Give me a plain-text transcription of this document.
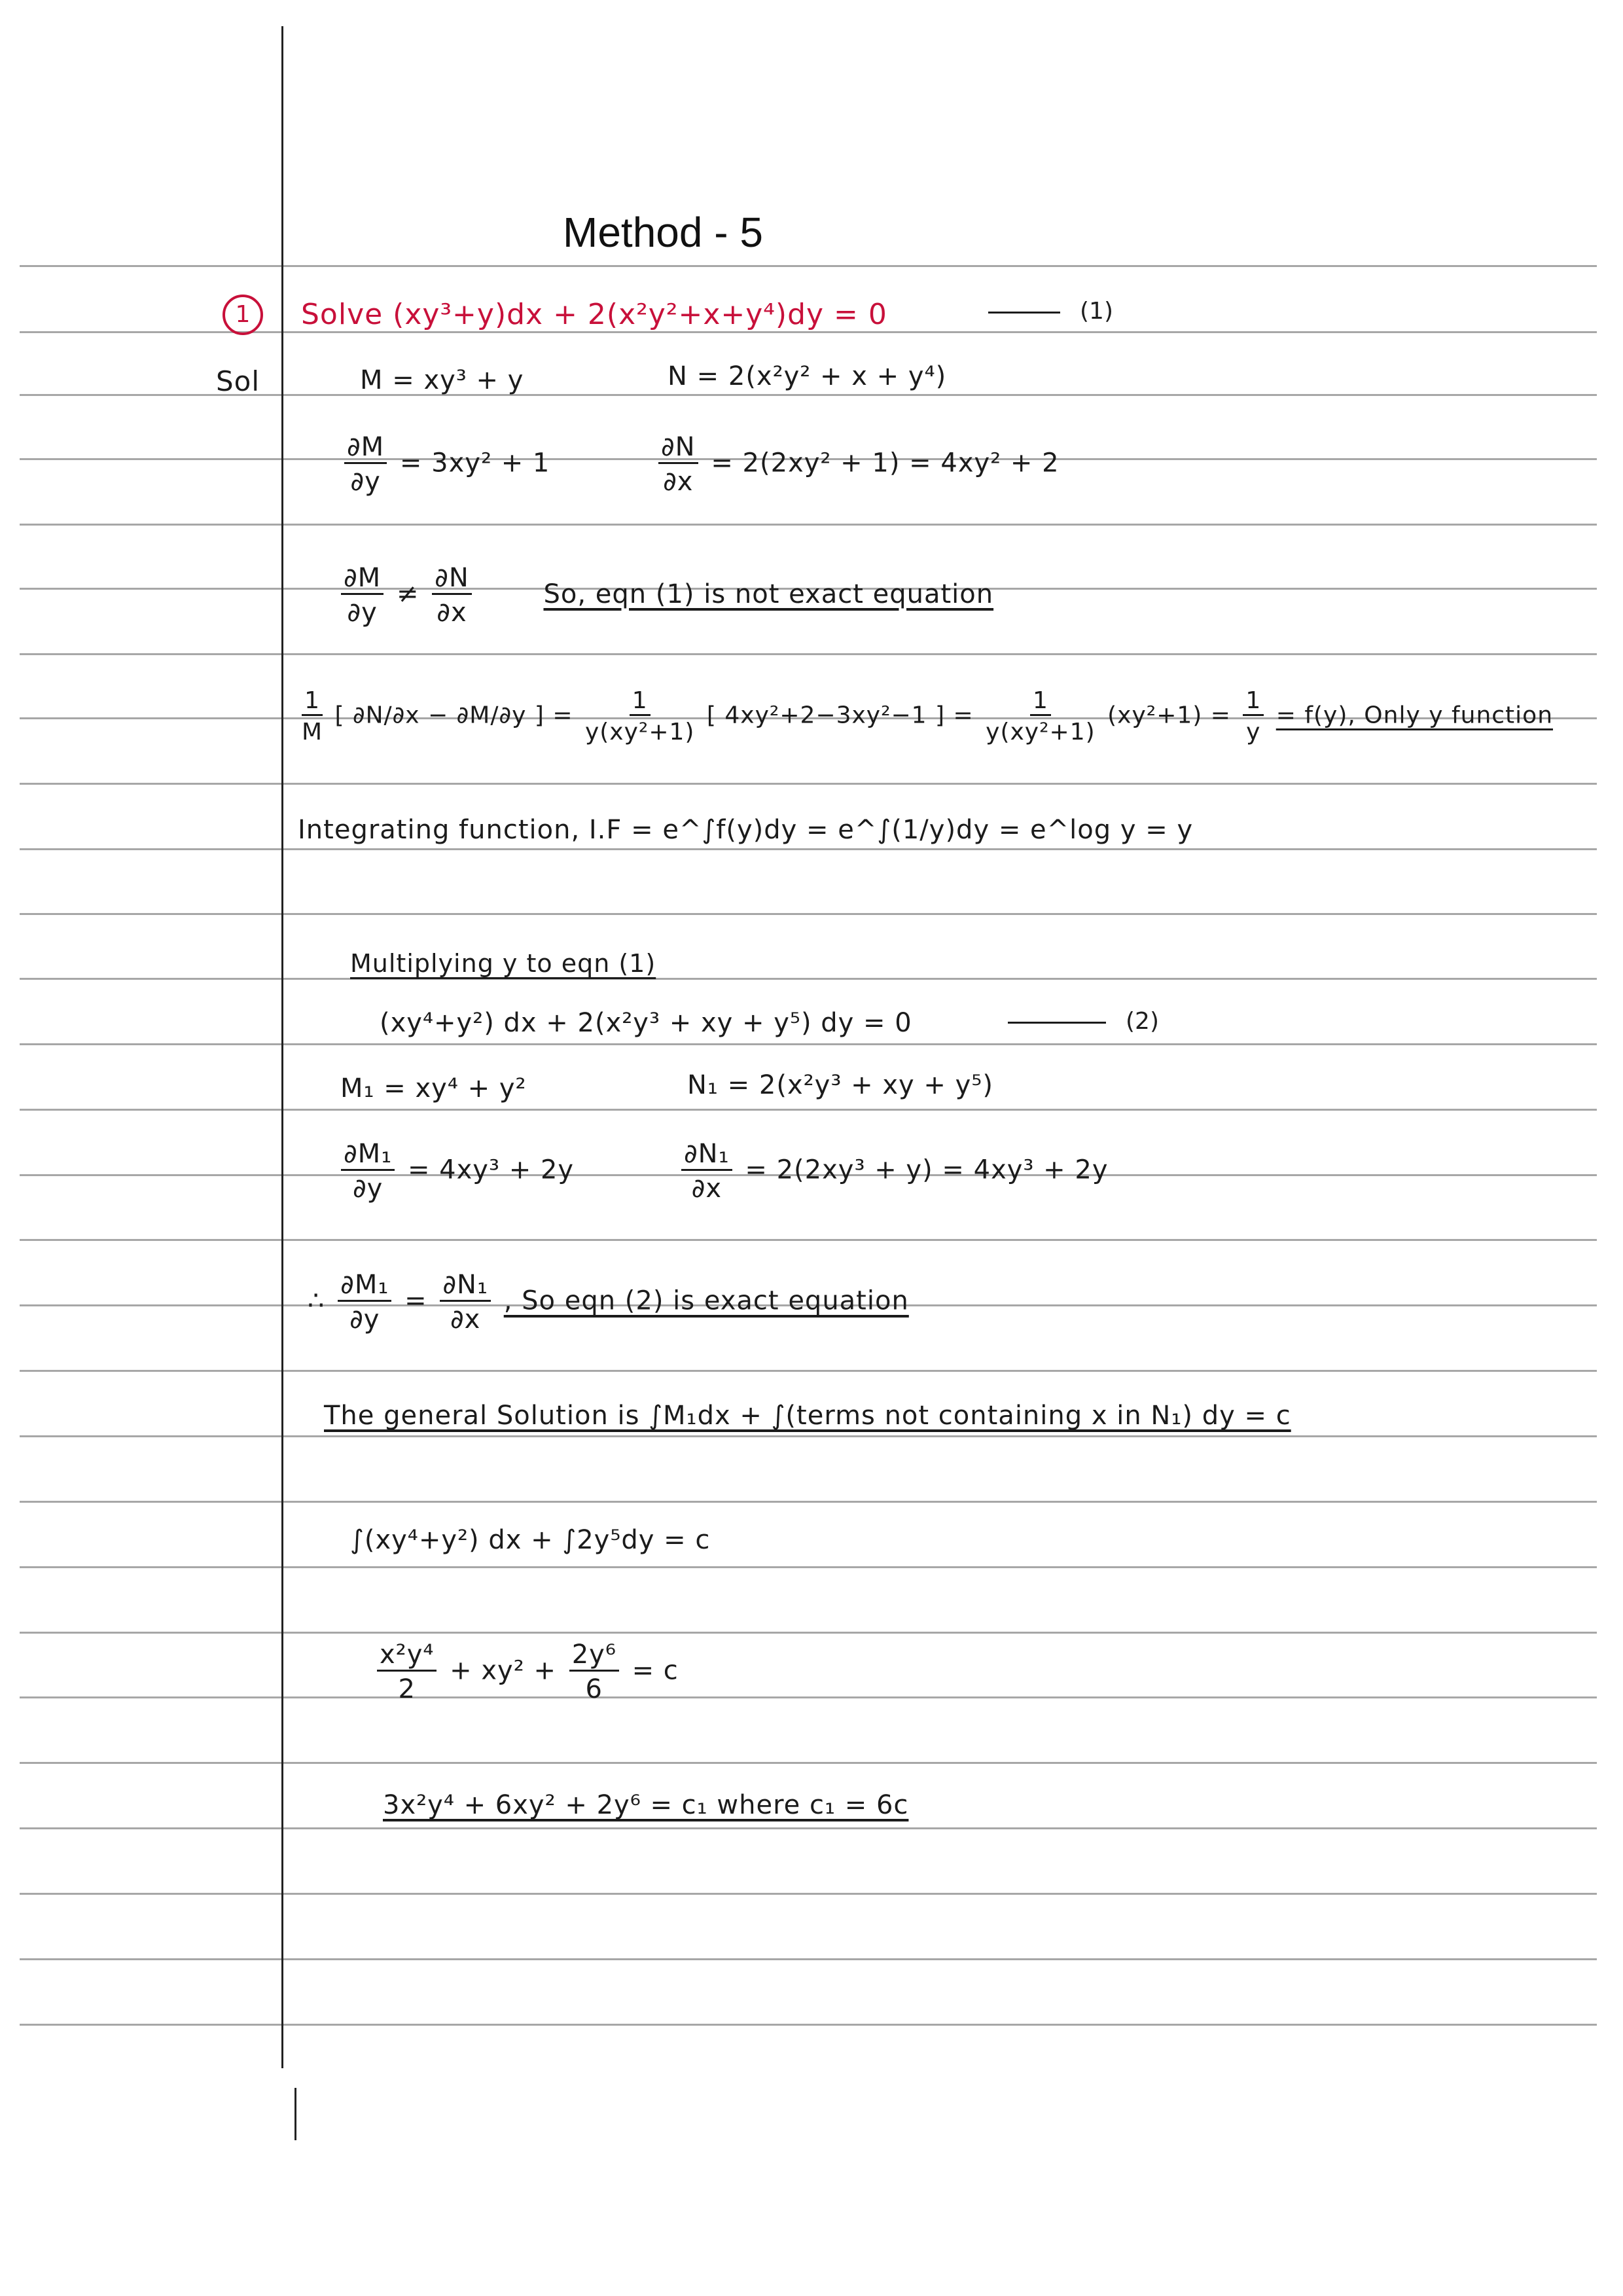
Method - 5
1	Solve (xy³+y)dx + 2(x²y²+x+y⁴)dy = 0	(1)
Sol	M = xy³ + y	N = 2(x²y² + x + y⁴)
$\frac{\partial M}{\partial y} = 3xy^2 + 1$	$\frac{\partial N}{\partial x} = 2(2xy^2 + 1) = 4xy^2 + 2$
$\frac{\partial M}{\partial y} \ne \frac{\partial N}{\partial x}$	So, eqn (1) is not exact equation
$\frac{1}{M}$ [ ∂N/∂x − ∂M/∂y ] = $\frac{1}{\text{y(xy²+1)}}$ [ 4xy²+2−3xy²−1 ] = $\frac{1}{\text{y(xy²+1)}} (xy^2+1) = \frac{1}{y} = f(y)$, Only y function
Integrating function, I.F = e^∫f(y)dy = e^∫(1/y)dy = e^log y = y
Multiplying y to eqn (1)
(xy⁴+y²) dx + 2(x²y³ + xy + y⁵) dy = 0	(2)
M₁ = xy⁴ + y²	N₁ = 2(x²y³ + xy + y⁵)
$\frac{\text{∂M₁}}{\partial y} = 4xy^3 + 2y$	$\frac{\text{∂N₁}}{\partial x} = 2(2xy^3 + y) = 4xy^3 + 2y$
∴ $\frac{\text{∂M₁}}{\partial y} = \frac{\text{∂N₁}}{\partial x}$ , So eqn (2) is exact equation
The general Solution is ∫M₁dx + ∫(terms not containing x in N₁) dy = c
∫(xy⁴+y²) dx + ∫2y⁵dy = c
$\frac{\text{x²y⁴}}{2} + xy^2 + \frac{\text{2y⁶}}{6} = c$
3x²y⁴ + 6xy² + 2y⁶ = c₁ where c₁ = 6c
